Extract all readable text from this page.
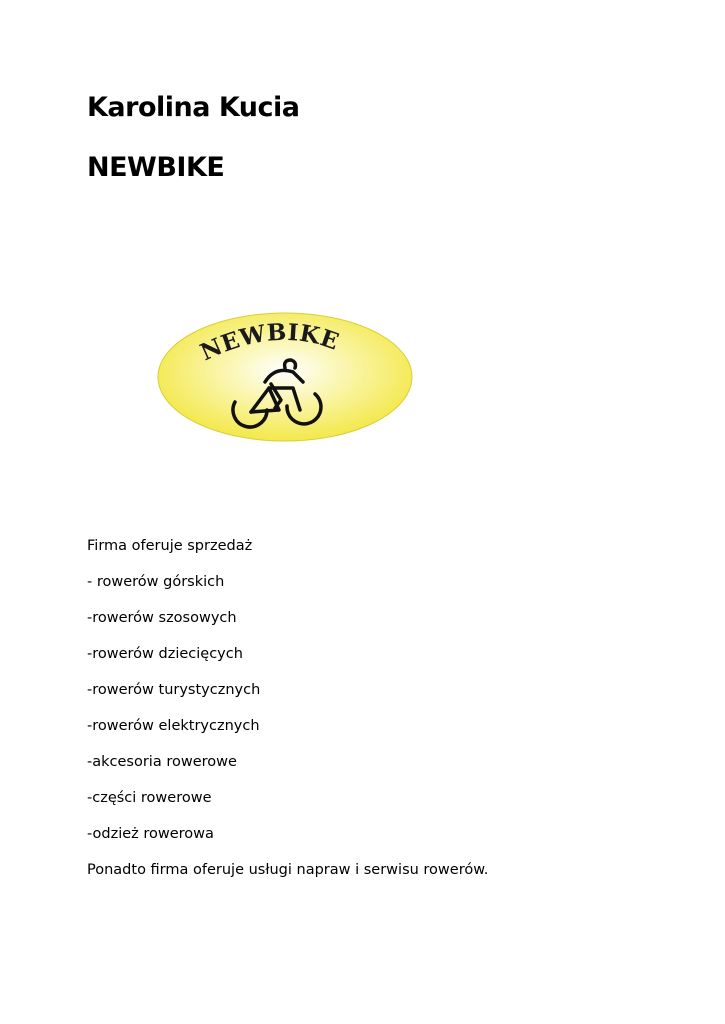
Karolina Kucia
NEWBIKE
NEWBIKE
Firma oferuje sprzedaż
- rowerów górskich
-rowerów szosowych
-rowerów dziecięcych
-rowerów turystycznych
-rowerów elektrycznych
-akcesoria rowerowe
-części rowerowe
-odzież rowerowa
Ponadto firma oferuje usługi napraw i serwisu rowerów.
